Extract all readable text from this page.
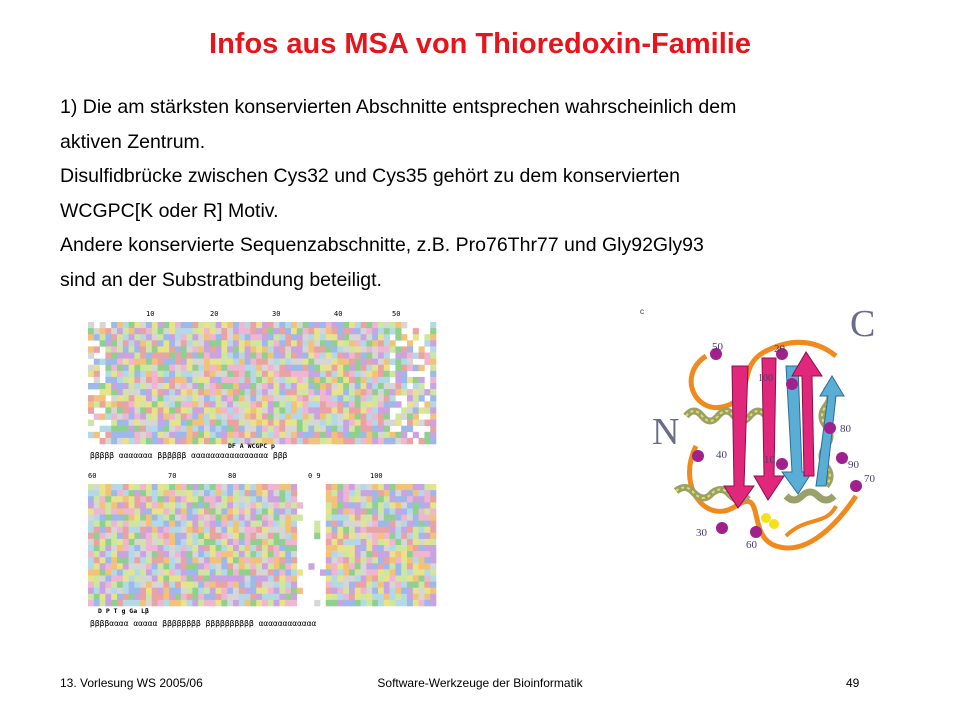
Infos aus MSA von Thioredoxin-Familie
1) Die am stärksten konservierten Abschnitte entsprechen wahrscheinlich dem
aktiven Zentrum.
Disulfidbrücke zwischen Cys32 und Cys35 gehört zu dem konservierten
WCGPC[K oder R] Motiv.
Andere konservierte Sequenzabschnitte, z.B. Pro76Thr77 und Gly92Gly93
sind an der Substratbindung beteiligt.
10	20	30	40	50
βββββ ααααααα ββββββ αααααααααααααααα βββ
DF A WCGPC p
60	70	80	0 9	100
D P T g Ga Lβ
ββββαααα ααααα ββββββββ ββββββββββ αααααααααααα
c	C
N
50	20
100
40	10
80
90
70
30
60
13. Vorlesung WS 2005/06	Software-Werkzeuge der Bioinformatik	49
